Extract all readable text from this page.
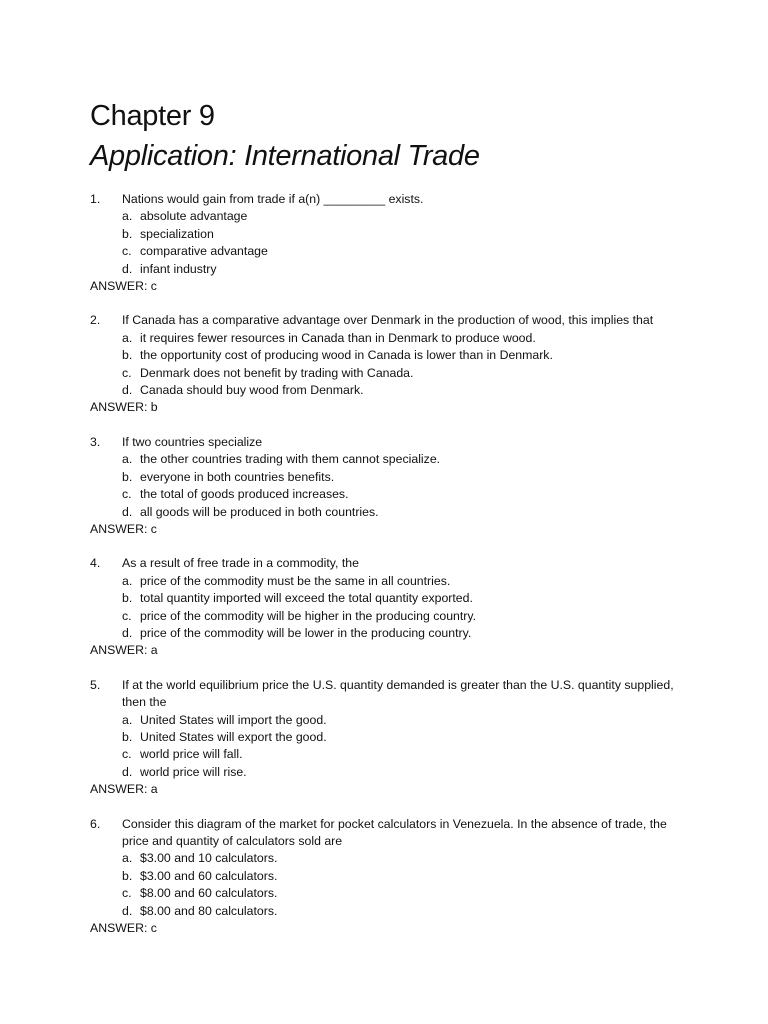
Chapter 9
Application: International Trade
1.	Nations would gain from trade if a(n) _________ exists.
a. absolute advantage
b. specialization
c. comparative advantage
d. infant industry
ANSWER: c
2.	If Canada has a comparative advantage over Denmark in the production of wood, this implies that
a. it requires fewer resources in Canada than in Denmark to produce wood.
b. the opportunity cost of producing wood in Canada is lower than in Denmark.
c. Denmark does not benefit by trading with Canada.
d. Canada should buy wood from Denmark.
ANSWER: b
3.	If two countries specialize
a. the other countries trading with them cannot specialize.
b. everyone in both countries benefits.
c. the total of goods produced increases.
d. all goods will be produced in both countries.
ANSWER: c
4.	As a result of free trade in a commodity, the
a. price of the commodity must be the same in all countries.
b. total quantity imported will exceed the total quantity exported.
c. price of the commodity will be higher in the producing country.
d. price of the commodity will be lower in the producing country.
ANSWER: a
5.	If at the world equilibrium price the U.S. quantity demanded is greater than the U.S. quantity supplied, then the
a. United States will import the good.
b. United States will export the good.
c. world price will fall.
d. world price will rise.
ANSWER: a
6.	Consider this diagram of the market for pocket calculators in Venezuela. In the absence of trade, the price and quantity of calculators sold are
a. $3.00 and 10 calculators.
b. $3.00 and 60 calculators.
c. $8.00 and 60 calculators.
d. $8.00 and 80 calculators.
ANSWER: c
